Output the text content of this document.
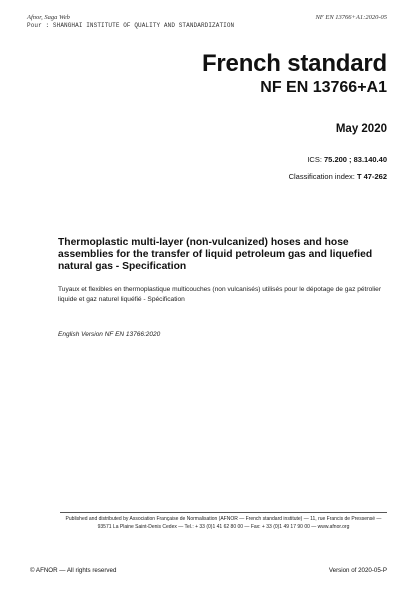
Afnor, Saga Web
Pour : SHANGHAI INSTITUTE OF QUALITY AND STANDARDIZATION
NF EN 13766+A1:2020-05
French standard
NF EN 13766+A1
May 2020
ICS: 75.200 ; 83.140.40
Classification index: T 47-262
Thermoplastic multi-layer (non-vulcanized) hoses and hose assemblies for the transfer of liquid petroleum gas and liquefied natural gas - Specification
Tuyaux et flexibles en thermoplastique multicouches (non vulcanisés) utilisés pour le dépotage de gaz pétrolier liquide et gaz naturel liquéfié - Spécification
English Version NF EN 13766:2020
Published and distributed by Association Française de Normalisation (AFNOR — French standard institute) — 11, rue Francis de Pressensé —
93571 La Plaine Saint-Denis Cedex — Tel.: + 33 (0)1 41 62 80 00 — Fax: + 33 (0)1 49 17 90 00 — www.afnor.org
© AFNOR — All rights reserved	Version of 2020-05-P
